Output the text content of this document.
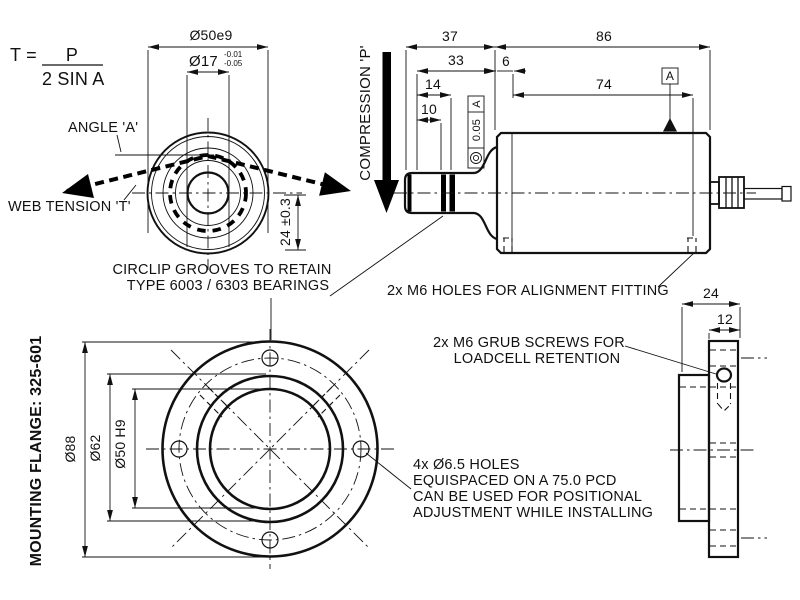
T = P
2 SIN A
Ø50e9
Ø17 -0.01
-0.05
ANGLE 'A'
WEB TENSION 'T'	24 ±0.3
COMPRESSION 'P'
37	86
33	6
14	74
10
A
A
0.05
CIRCLIP GROOVES TO RETAIN
TYPE 6003 / 6303 BEARINGS	2x M6 HOLES FOR ALIGNMENT FITTING
2x M6 GRUB SCREWS FOR
LOADCELL RETENTION
4x Ø6.5 HOLES
EQUISPACED ON A 75.0 PCD
CAN BE USED FOR POSITIONAL
ADJUSTMENT WHILE INSTALLING
MOUNTING FLANGE: 325-601 Ø88 Ø62 Ø50 H9
24
12
